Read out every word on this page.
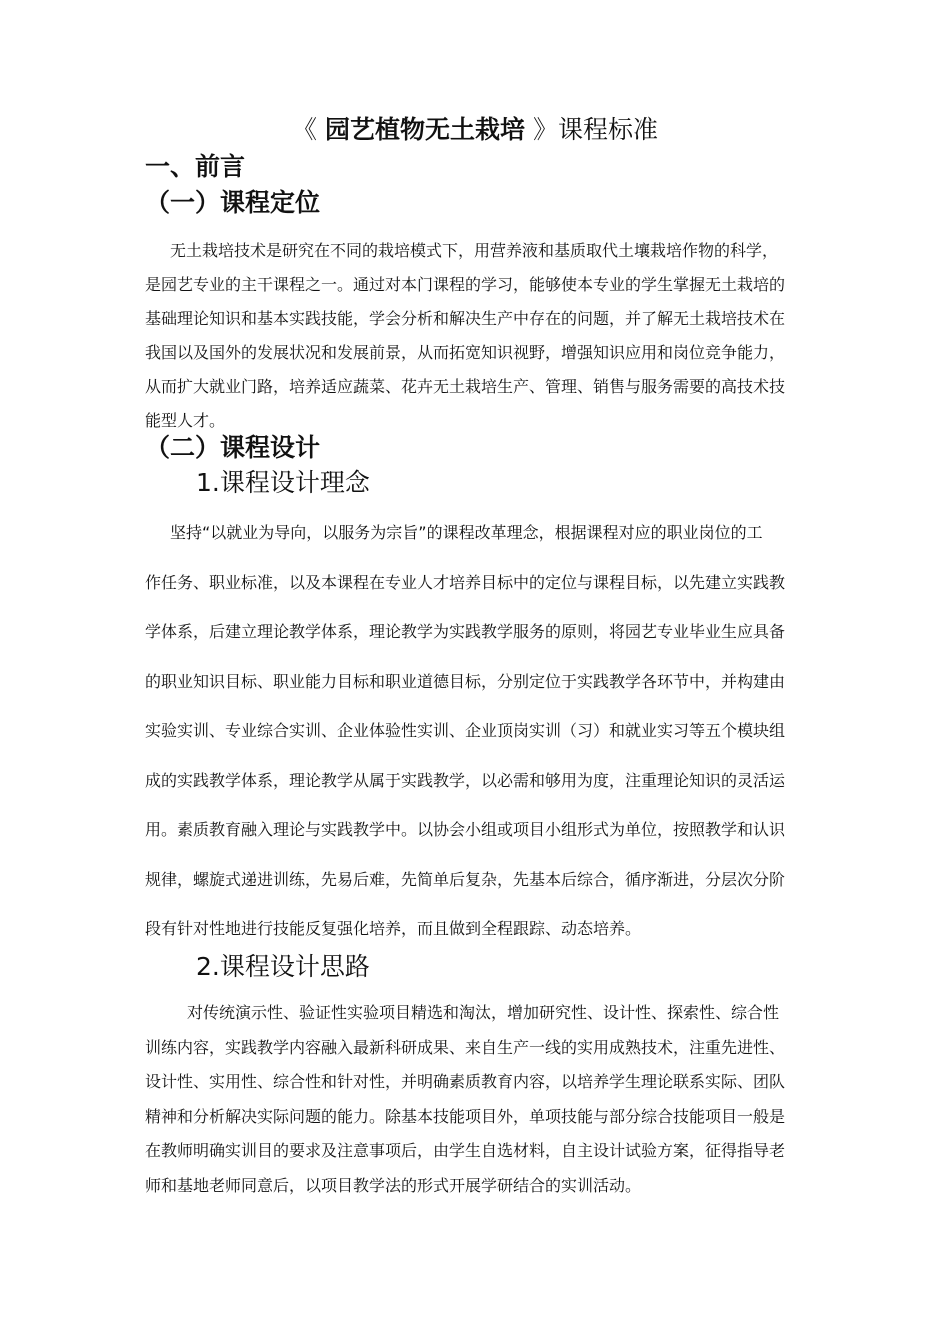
《 园艺植物无土栽培 》课程标准
一、前言
（一）课程定位
无土栽培技术是研究在不同的栽培模式下，用营养液和基质取代土壤栽培作物的科学，
是园艺专业的主干课程之一。通过对本门课程的学习，能够使本专业的学生掌握无土栽培的
基础理论知识和基本实践技能，学会分析和解决生产中存在的问题，并了解无土栽培技术在
我国以及国外的发展状况和发展前景，从而拓宽知识视野，增强知识应用和岗位竞争能力，
从而扩大就业门路，培养适应蔬菜、花卉无土栽培生产、管理、销售与服务需要的高技术技
能型人才。
（二）课程设计
1.课程设计理念
坚持“以就业为导向，以服务为宗旨”的课程改革理念，根据课程对应的职业岗位的工
作任务、职业标准，以及本课程在专业人才培养目标中的定位与课程目标，以先建立实践教
学体系，后建立理论教学体系，理论教学为实践教学服务的原则，将园艺专业毕业生应具备
的职业知识目标、职业能力目标和职业道德目标，分别定位于实践教学各环节中，并构建由
实验实训、专业综合实训、企业体验性实训、企业顶岗实训（习）和就业实习等五个模块组
成的实践教学体系，理论教学从属于实践教学，以必需和够用为度，注重理论知识的灵活运
用。素质教育融入理论与实践教学中。以协会小组或项目小组形式为单位，按照教学和认识
规律，螺旋式递进训练，先易后难，先简单后复杂，先基本后综合，循序渐进，分层次分阶
段有针对性地进行技能反复强化培养，而且做到全程跟踪、动态培养。
2.课程设计思路
对传统演示性、验证性实验项目精选和淘汰，增加研究性、设计性、探索性、综合性
训练内容，实践教学内容融入最新科研成果、来自生产一线的实用成熟技术，注重先进性、
设计性、实用性、综合性和针对性，并明确素质教育内容，以培养学生理论联系实际、团队
精神和分析解决实际问题的能力。除基本技能项目外，单项技能与部分综合技能项目一般是
在教师明确实训目的要求及注意事项后，由学生自选材料，自主设计试验方案，征得指导老
师和基地老师同意后，以项目教学法的形式开展学研结合的实训活动。
